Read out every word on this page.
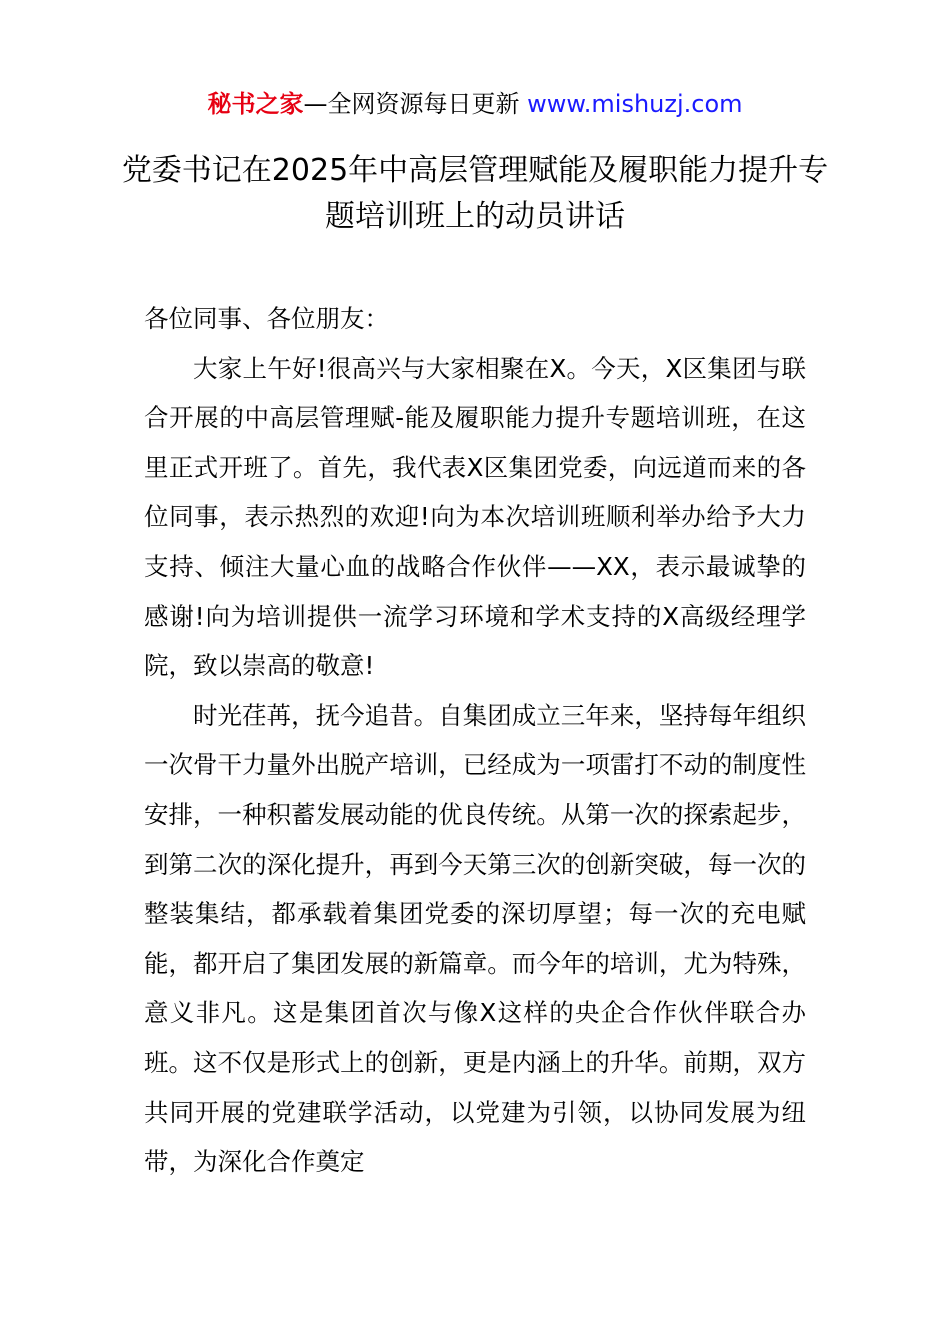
秘书之家—全网资源每日更新 www.mishuzj.com
党委书记在2025年中高层管理赋能及履职能力提升专题培训班上的动员讲话

各位同事、各位朋友：

大家上午好!很高兴与大家相聚在X。今天，X区集团与联合开展的中高层管理赋-能及履职能力提升专题培训班，在这里正式开班了。首先，我代表X区集团党委，向远道而来的各位同事，表示热烈的欢迎!向为本次培训班顺利举办给予大力支持、倾注大量心血的战略合作伙伴——XX，表示最诚挚的感谢!向为培训提供一流学习环境和学术支持的X高级经理学院，致以崇高的敬意!

时光荏苒，抚今追昔。自集团成立三年来，坚持每年组织一次骨干力量外出脱产培训，已经成为一项雷打不动的制度性安排，一种积蓄发展动能的优良传统。从第一次的探索起步，到第二次的深化提升，再到今天第三次的创新突破，每一次的整装集结，都承载着集团党委的深切厚望；每一次的充电赋能，都开启了集团发展的新篇章。而今年的培训，尤为特殊，意义非凡。这是集团首次与像X这样的央企合作伙伴联合办班。这不仅是形式上的创新，更是内涵上的升华。前期，双方共同开展的党建联学活动，以党建为引领，以协同发展为纽带，为深化合作奠定
